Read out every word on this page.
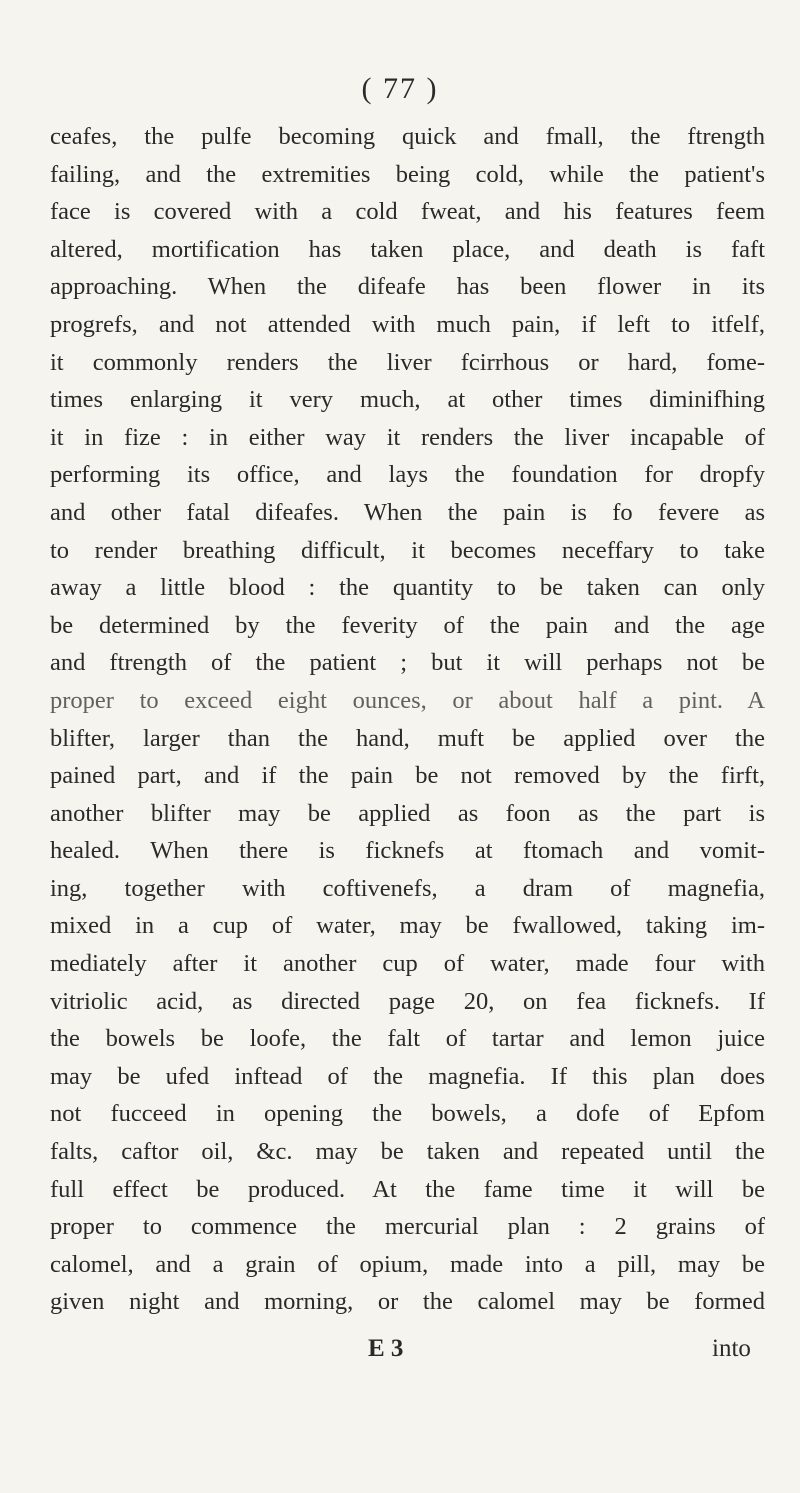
( 77 )
ceafes, the pulfe becoming quick and fmall, the ftrength
failing, and the extremities being cold, while the patient's
face is covered with a cold fweat, and his features feem
altered, mortification has taken place, and death is faft
approaching. When the difeafe has been flower in its
progrefs, and not attended with much pain, if left to itfelf,
it commonly renders the liver fcirrhous or hard, fome-
times enlarging it very much, at other times diminifhing
it in fize : in either way it renders the liver incapable of
performing its office, and lays the foundation for dropfy
and other fatal difeafes. When the pain is fo fevere as
to render breathing difficult, it becomes neceffary to take
away a little blood : the quantity to be taken can only
be determined by the feverity of the pain and the age
and ftrength of the patient ; but it will perhaps not be
proper to exceed eight ounces, or about half a pint. A
blifter, larger than the hand, muft be applied over the
pained part, and if the pain be not removed by the firft,
another blifter may be applied as foon as the part is
healed. When there is ficknefs at ftomach and vomit-
ing, together with coftivenefs, a dram of magnefia,
mixed in a cup of water, may be fwallowed, taking im-
mediately after it another cup of water, made four with
vitriolic acid, as directed page 20, on fea ficknefs. If
the bowels be loofe, the falt of tartar and lemon juice
may be ufed inftead of the magnefia. If this plan does
not fucceed in opening the bowels, a dofe of Epfom
falts, caftor oil, &c. may be taken and repeated until the
full effect be produced. At the fame time it will be
proper to commence the mercurial plan : 2 grains of
calomel, and a grain of opium, made into a pill, may be
given night and morning, or the calomel may be formed
E 3	into
